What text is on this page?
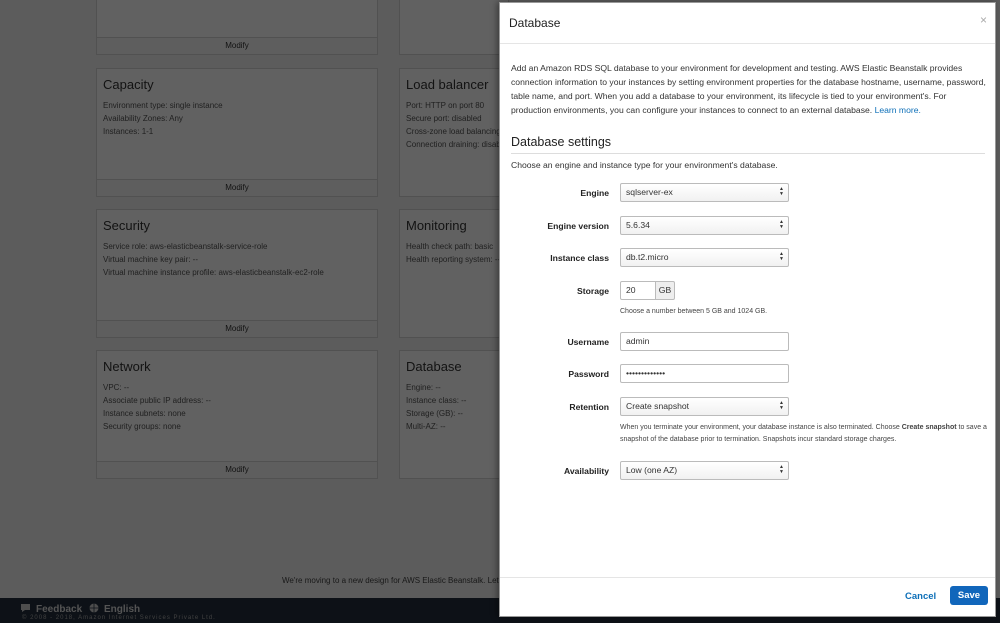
Database	×
Add an Amazon RDS SQL database to your environment for development and testing. AWS Elastic Beanstalk provides connection information to your instances by setting environment properties for the database hostname, username, password, table name, and port. When you add a database to your environment, its lifecycle is tied to your environment's. For production environments, you can configure your instances to connect to an external database. Learn more.
Database settings
Choose an engine and instance type for your environment's database.
Engine	sqlserver-ex	▲
▼
Engine version	5.6.34	▲
▼
Instance class	db.t2.micro	▲
▼
Storage	20	GB
Choose a number between 5 GB and 1024 GB.
Username	admin
Password	•••••••••••••
Retention	Create snapshot	▲
▼
When you terminate your environment, your database instance is also terminated. Choose Create snapshot to save a snapshot of the database prior to termination. Snapshots incur standard storage charges.
Availability	Low (one AZ)	▲
▼
Cancel	Save
